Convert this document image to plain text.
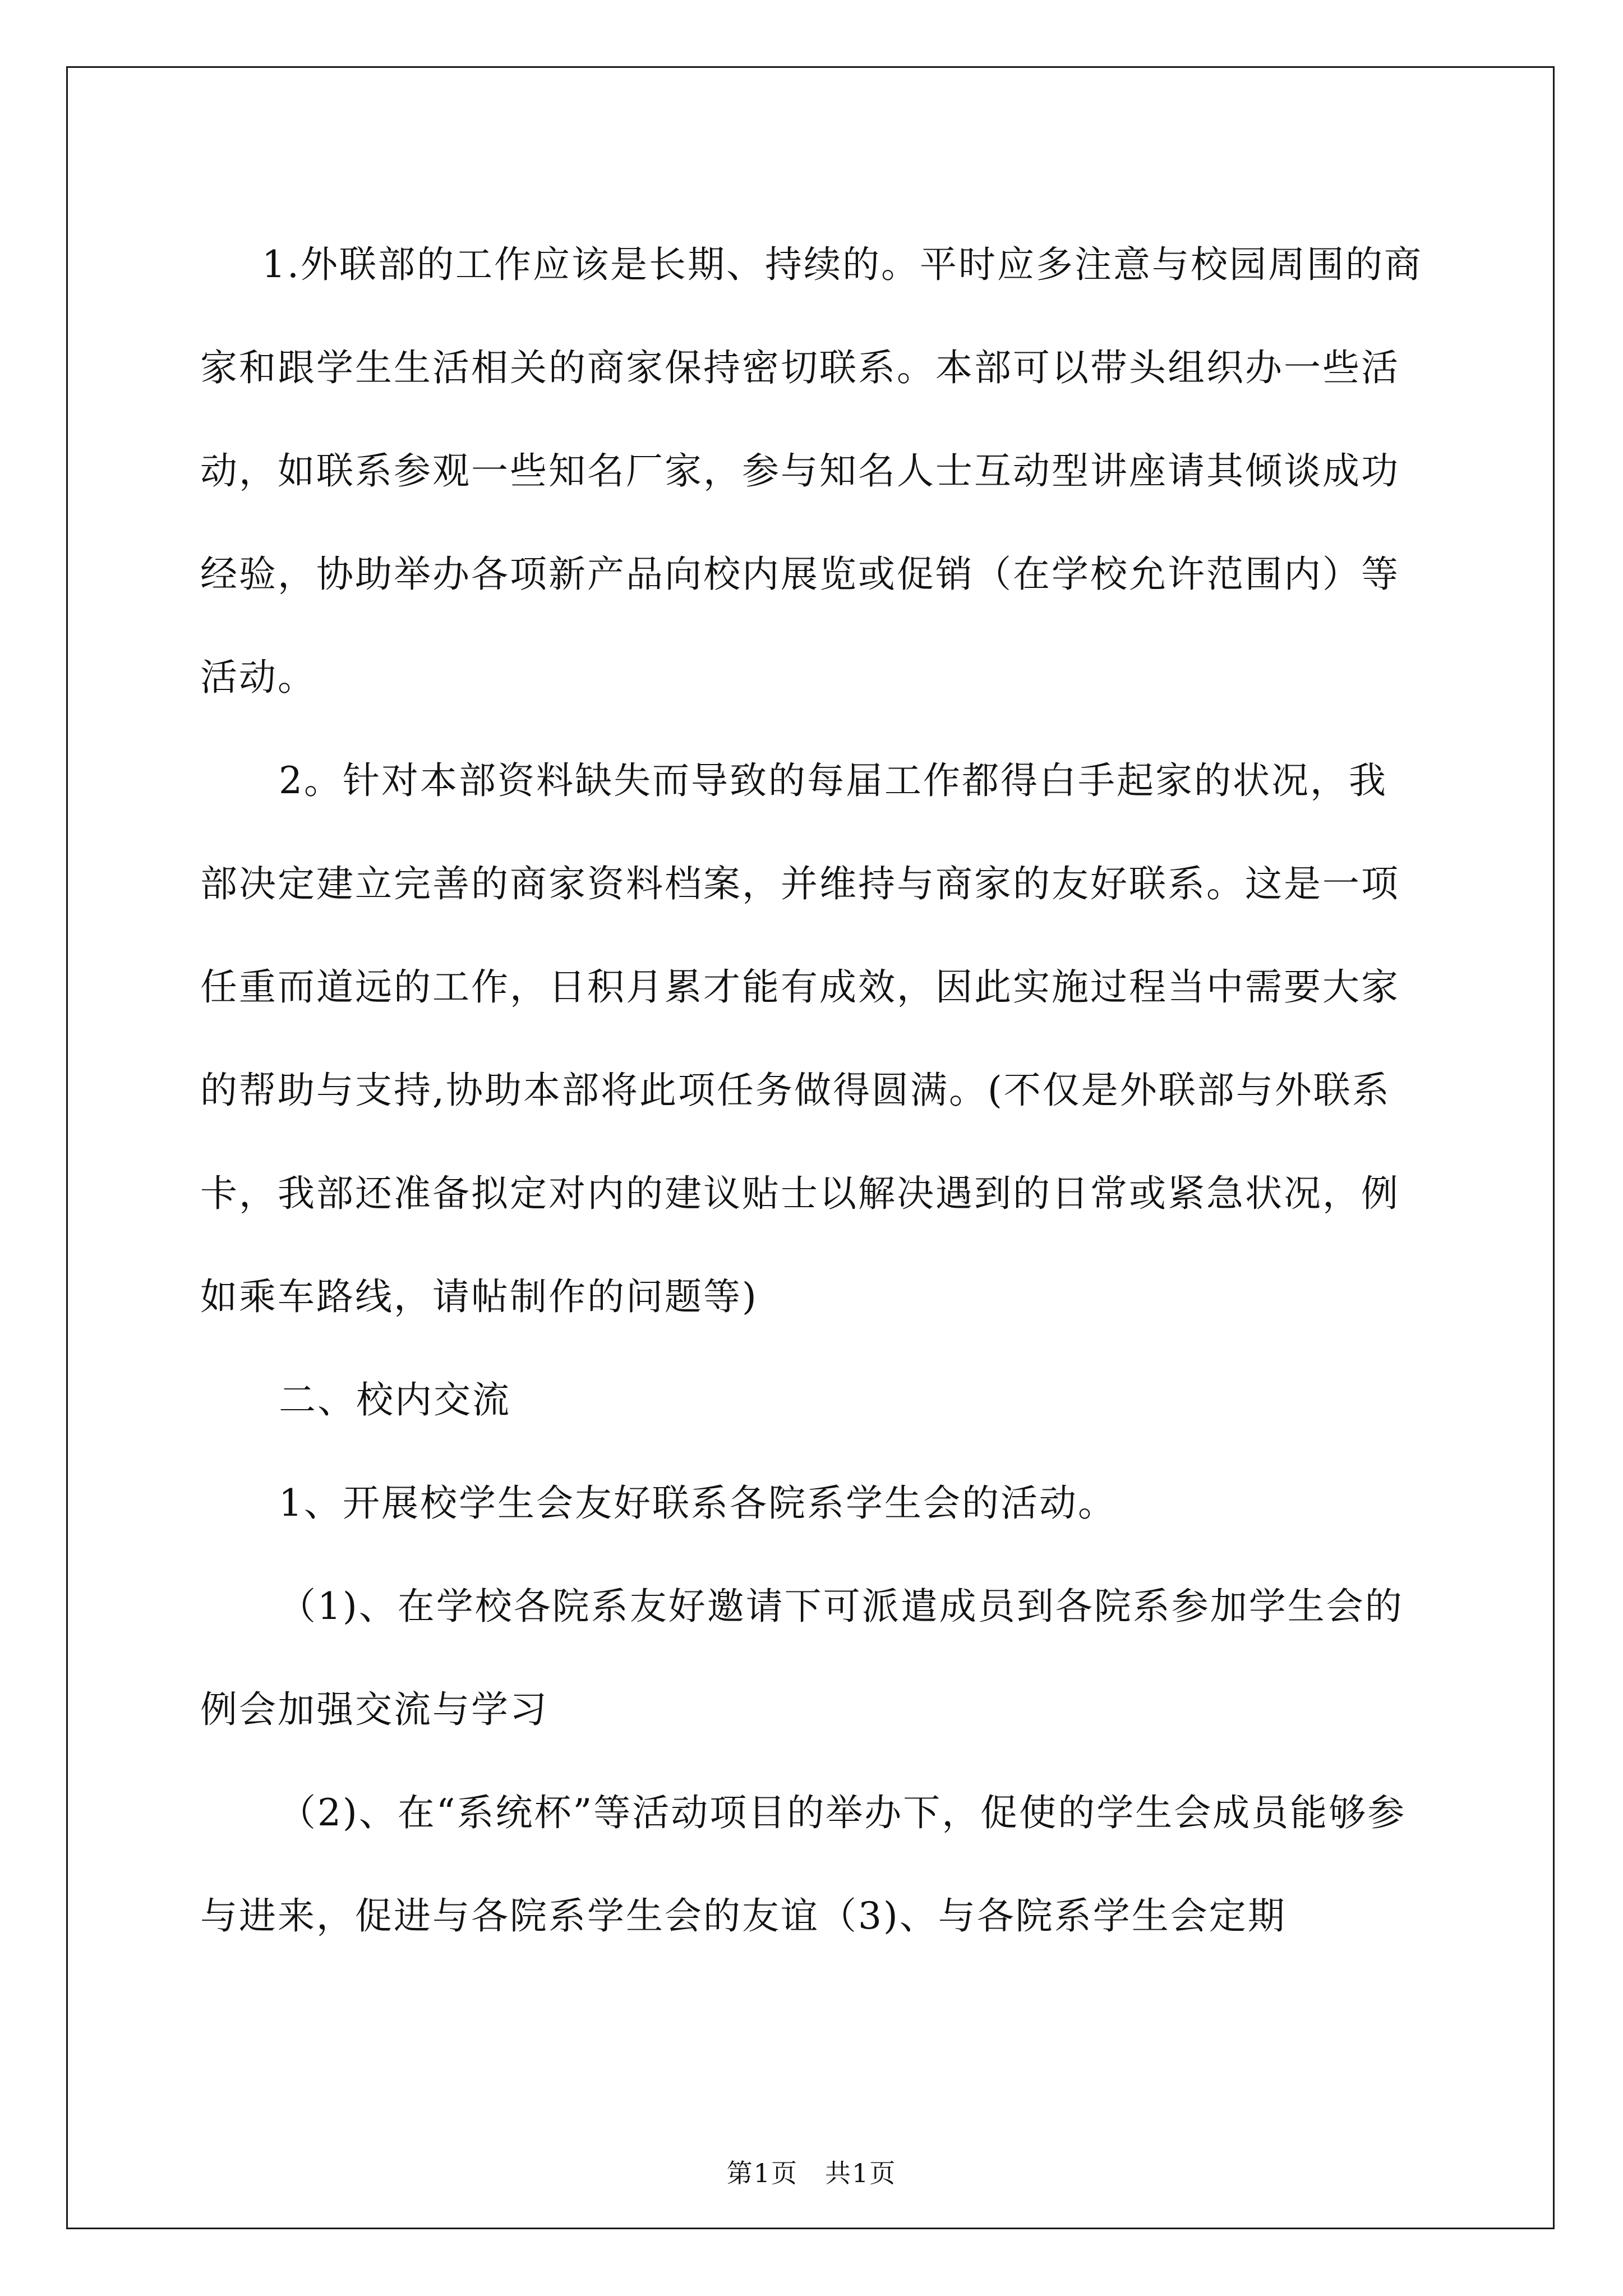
1.外联部的工作应该是长期、持续的。平时应多注意与校园周围的商家和跟学生生活相关的商家保持密切联系。本部可以带头组织办一些活动，如联系参观一些知名厂家，参与知名人士互动型讲座请其倾谈成功经验，协助举办各项新产品向校内展览或促销（在学校允许范围内）等活动。

2。针对本部资料缺失而导致的每届工作都得白手起家的状况，我部决定建立完善的商家资料档案，并维持与商家的友好联系。这是一项任重而道远的工作，日积月累才能有成效，因此实施过程当中需要大家的帮助与支持,协助本部将此项任务做得圆满。(不仅是外联部与外联系卡，我部还准备拟定对内的建议贴士以解决遇到的日常或紧急状况，例如乘车路线，请帖制作的问题等)

二、校内交流

1、开展校学生会友好联系各院系学生会的活动。

（1)、在学校各院系友好邀请下可派遣成员到各院系参加学生会的例会加强交流与学习

（2)、在“系统杯”等活动项目的举办下，促使的学生会成员能够参与进来，促进与各院系学生会的友谊（3)、与各院系学生会定期

第1页　共1页
